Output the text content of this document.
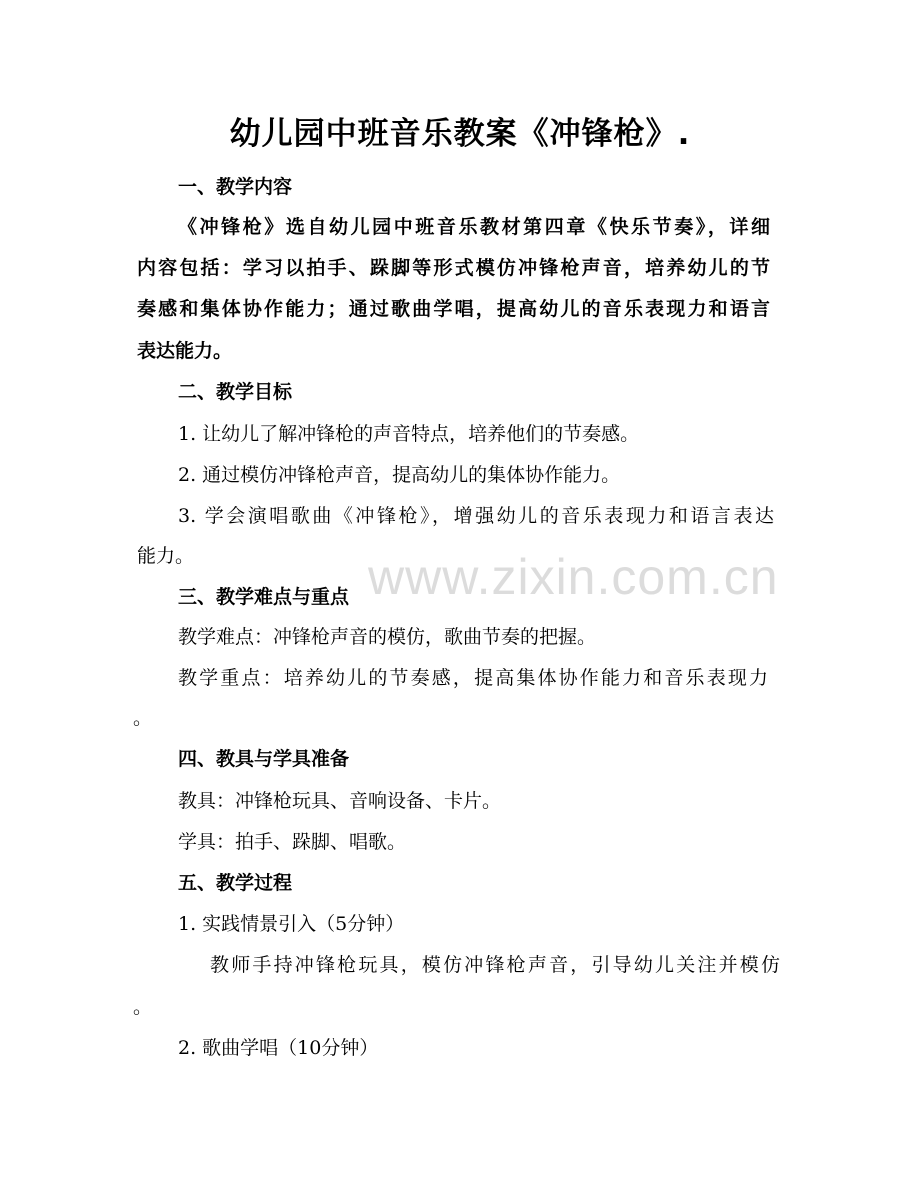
幼儿园中班音乐教案《冲锋枪》.
一、教学内容
《冲锋枪》选自幼儿园中班音乐教材第四章《快乐节奏》，详细
内容包括：学习以拍手、跺脚等形式模仿冲锋枪声音，培养幼儿的节
奏感和集体协作能力；通过歌曲学唱，提高幼儿的音乐表现力和语言
表达能力。
二、教学目标
1. 让幼儿了解冲锋枪的声音特点，培养他们的节奏感。
2. 通过模仿冲锋枪声音，提高幼儿的集体协作能力。
3. 学会演唱歌曲《冲锋枪》，增强幼儿的音乐表现力和语言表达
能力。	www.zixin.com.cn
三、教学难点与重点
教学难点：冲锋枪声音的模仿，歌曲节奏的把握。
教学重点：培养幼儿的节奏感，提高集体协作能力和音乐表现力
。
四、教具与学具准备
教具：冲锋枪玩具、音响设备、卡片。
学具：拍手、跺脚、唱歌。
五、教学过程
1. 实践情景引入（5分钟）
教师手持冲锋枪玩具，模仿冲锋枪声音，引导幼儿关注并模仿
。
2. 歌曲学唱（10分钟）
